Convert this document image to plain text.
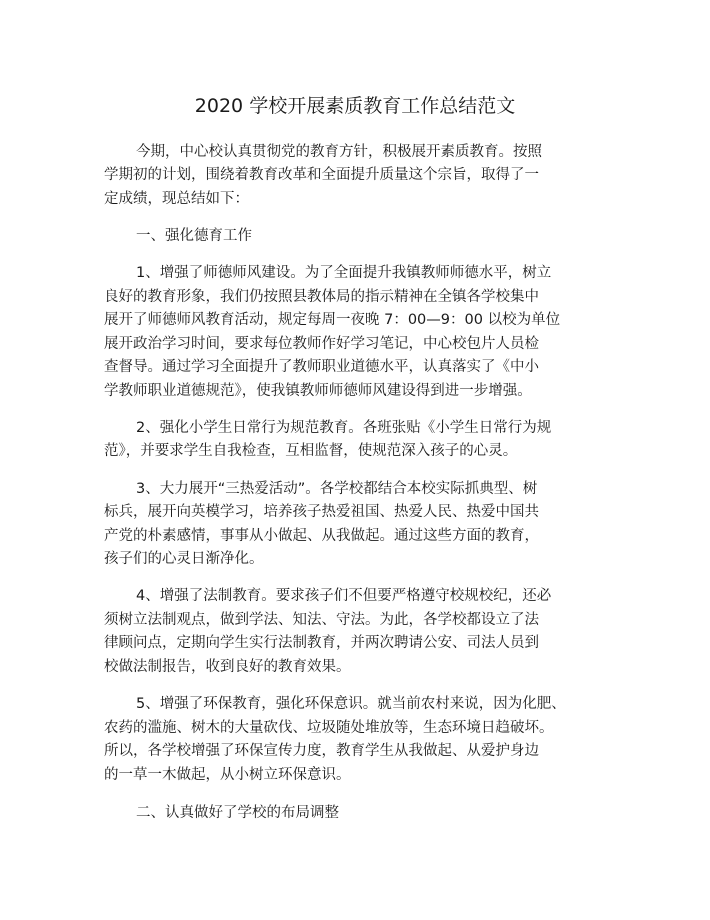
2020 学校开展素质教育工作总结范文
今期，中心校认真贯彻党的教育方针，积极展开素质教育。按照
学期初的计划，围绕着教育改革和全面提升质量这个宗旨，取得了一
定成绩，现总结如下：
一、强化德育工作
1、增强了师德师风建设。为了全面提升我镇教师师德水平，树立
良好的教育形象，我们仍按照县教体局的指示精神在全镇各学校集中
展开了师德师风教育活动，规定每周一夜晚 7：00—9：00 以校为单位
展开政治学习时间，要求每位教师作好学习笔记，中心校包片人员检
查督导。通过学习全面提升了教师职业道德水平，认真落实了《中小
学教师职业道德规范》，使我镇教师师德师风建设得到进一步增强。
2、强化小学生日常行为规范教育。各班张贴《小学生日常行为规
范》，并要求学生自我检查，互相监督，使规范深入孩子的心灵。
3、大力展开“三热爱活动”。各学校都结合本校实际抓典型、树
标兵，展开向英模学习，培养孩子热爱祖国、热爱人民、热爱中国共
产党的朴素感情，事事从小做起、从我做起。通过这些方面的教育，
孩子们的心灵日渐净化。
4、增强了法制教育。要求孩子们不但要严格遵守校规校纪，还必
须树立法制观点，做到学法、知法、守法。为此，各学校都设立了法
律顾问点，定期向学生实行法制教育，并两次聘请公安、司法人员到
校做法制报告，收到良好的教育效果。
5、增强了环保教育，强化环保意识。就当前农村来说，因为化肥、
农药的滥施、树木的大量砍伐、垃圾随处堆放等，生态环境日趋破坏。
所以，各学校增强了环保宣传力度，教育学生从我做起、从爱护身边
的一草一木做起，从小树立环保意识。
二、认真做好了学校的布局调整
